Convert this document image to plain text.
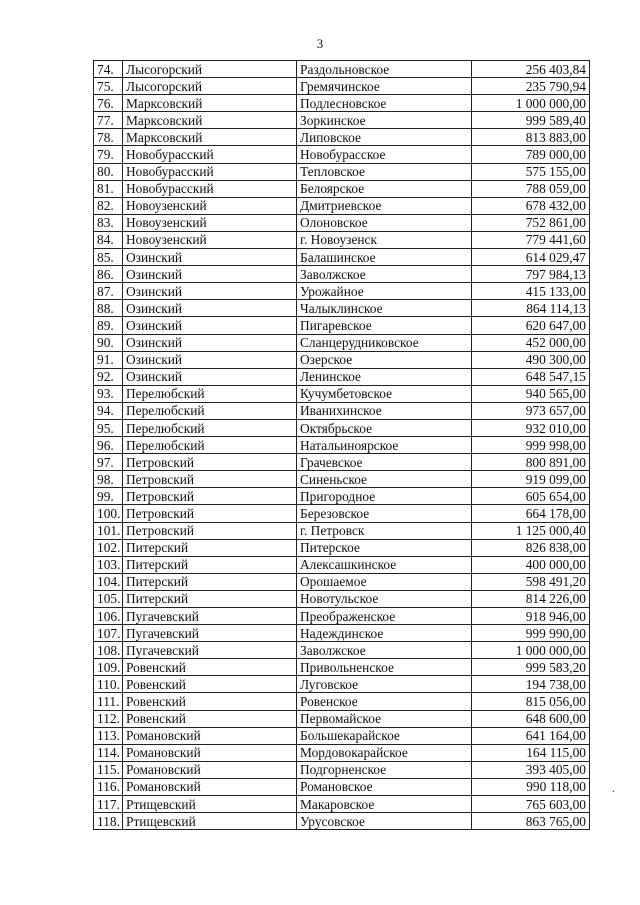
3
74.	Лысогорский	Раздольновское	256 403,84
75.	Лысогорский	Гремячинское	235 790,94
76.	Марксовский	Подлесновское	1 000 000,00
77.	Марксовский	Зоркинское	999 589,40
78.	Марксовский	Липовское	813 883,00
79.	Новобурасский	Новобурасское	789 000,00
80.	Новобурасский	Тепловское	575 155,00
81.	Новобурасский	Белоярское	788 059,00
82.	Новоузенский	Дмитриевское	678 432,00
83.	Новоузенский	Олоновское	752 861,00
84.	Новоузенский	г. Новоузенск	779 441,60
85.	Озинский	Балашинское	614 029,47
86.	Озинский	Заволжское	797 984,13
87.	Озинский	Урожайное	415 133,00
88.	Озинский	Чалыклинское	864 114,13
89.	Озинский	Пигаревское	620 647,00
90.	Озинский	Сланцерудниковское	452 000,00
91.	Озинский	Озерское	490 300,00
92.	Озинский	Ленинское	648 547,15
93.	Перелюбский	Кучумбетовское	940 565,00
94.	Перелюбский	Иванихинское	973 657,00
95.	Перелюбский	Октябрьское	932 010,00
96.	Перелюбский	Натальиноярское	999 998,00
97.	Петровский	Грачевское	800 891,00
98.	Петровский	Синеньское	919 099,00
99.	Петровский	Пригородное	605 654,00
100.	Петровский	Березовское	664 178,00
101.	Петровский	г. Петровск	1 125 000,40
102.	Питерский	Питерское	826 838,00
103.	Питерский	Алексашкинское	400 000,00
104.	Питерский	Орошаемое	598 491,20
105.	Питерский	Новотульское	814 226,00
106.	Пугачевский	Преображенское	918 946,00
107.	Пугачевский	Надеждинское	999 990,00
108.	Пугачевский	Заволжское	1 000 000,00
109.	Ровенский	Привольненское	999 583,20
110.	Ровенский	Луговское	194 738,00
111.	Ровенский	Ровенское	815 056,00
112.	Ровенский	Первомайское	648 600,00
113.	Романовский	Большекарайское	641 164,00
114.	Романовский	Мордовокарайское	164 115,00
115.	Романовский	Подгорненское	393 405,00
116.	Романовский	Романовское	990 118,00
117.	Ртищевский	Макаровское	765 603,00
118.	Ртищевский	Урусовское	863 765,00
.
